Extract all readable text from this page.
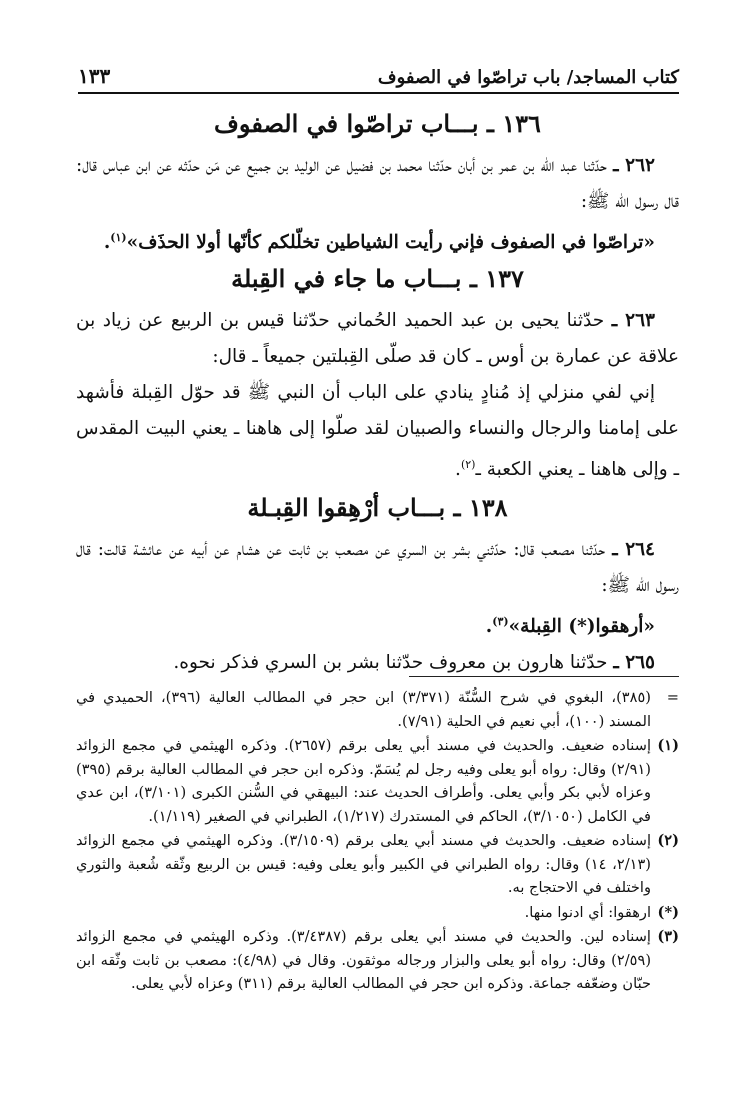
كتاب المساجد/ باب تراصّوا في الصفوف
١٣٣
١٣٦ ـ بـــاب تراصّوا في الصفوف

٢٦٢ ـ حدّثنا عبد الله بن عمر بن أبان حدّثنا محمد بن فضيل عن الوليد بن جميع عن مَن حدّثه عن ابن عباس قال: قال رسول الله ﷺ:
«تراصّوا في الصفوف فإني رأيت الشياطين تخلّلكم كأنّها أولا الحذَف»$^{(١)}$.

١٣٧ ـ بـــاب ما جاء في القِبلة

٢٦٣ ـ حدّثنا يحيى بن عبد الحميد الحُماني حدّثنا قيس بن الربيع عن زياد بن علاقة عن عمارة بن أوس ـ كان قد صلّى القِبلتين جميعاً ـ قال:

إني لفي منزلي إذ مُنادٍ ينادي على الباب أن النبي ﷺ قد حوّل القِبلة فأشهد على إمامنا والرجال والنساء والصبيان لقد صلّوا إلى هاهنا ـ يعني البيت المقدس ـ وإلى هاهنا ـ يعني الكعبة ـ$^{(٢)}$.

١٣٨ ـ بـــاب أرْهِقوا القِبـلة

٢٦٤ ـ حدّثنا مصعب قال: حدّثني بشر بن السري عن مصعب بن ثابت عن هشام عن أبيه عن عائشة قالت: قال رسول الله ﷺ:
«أرهقوا(*) القِبلة»$^{(٣)}$.

٢٦٥ ـ حدّثنا هارون بن معروف حدّثنا بشر بن السري فذكر نحوه.

=
(٣٨٥)، البغوي في شرح السُّنّة (٣/٣٧١) ابن حجر في المطالب العالية (٣٩٦)، الحميدي في المسند (١٠٠)، أبي نعيم في الحلية (٧/٩١).
(١)
إسناده ضعيف. والحديث في مسند أبي يعلى برقم (٢٦٥٧). وذكره الهيثمي في مجمع الزوائد (٢/٩١) وقال: رواه أبو يعلى وفيه رجل لم يُسَمّ. وذكره ابن حجر في المطالب العالية برقم (٣٩٥) وعزاه لأبي بكر وأبي يعلى. وأطراف الحديث عند: البيهقي في السُّنن الكبرى (٣/١٠١)، ابن عدي في الكامل (٣/١٠٥٠)، الحاكم في المستدرك (١/٢١٧)، الطبراني في الصغير (١/١١٩).
(٢)
إسناده ضعيف. والحديث في مسند أبي يعلى برقم (٣/١٥٠٩). وذكره الهيثمي في مجمع الزوائد (٢/١٣، ١٤) وقال: رواه الطبراني في الكبير وأبو يعلى وفيه: قيس بن الربيع وثّقه شُعبة والثوري واختلف في الاحتجاج به.
(*)
ارهقوا: أي ادنوا منها.
(٣)
إسناده لين. والحديث في مسند أبي يعلى برقم (٣/٤٣٨٧). وذكره الهيثمي في مجمع الزوائد (٢/٥٩) وقال: رواه أبو يعلى والبزار ورجاله موثقون. وقال في (٤/٩٨): مصعب بن ثابت وثّقه ابن حبّان وضعّفه جماعة. وذكره ابن حجر في المطالب العالية برقم (٣١١) وعزاه لأبي يعلى.
